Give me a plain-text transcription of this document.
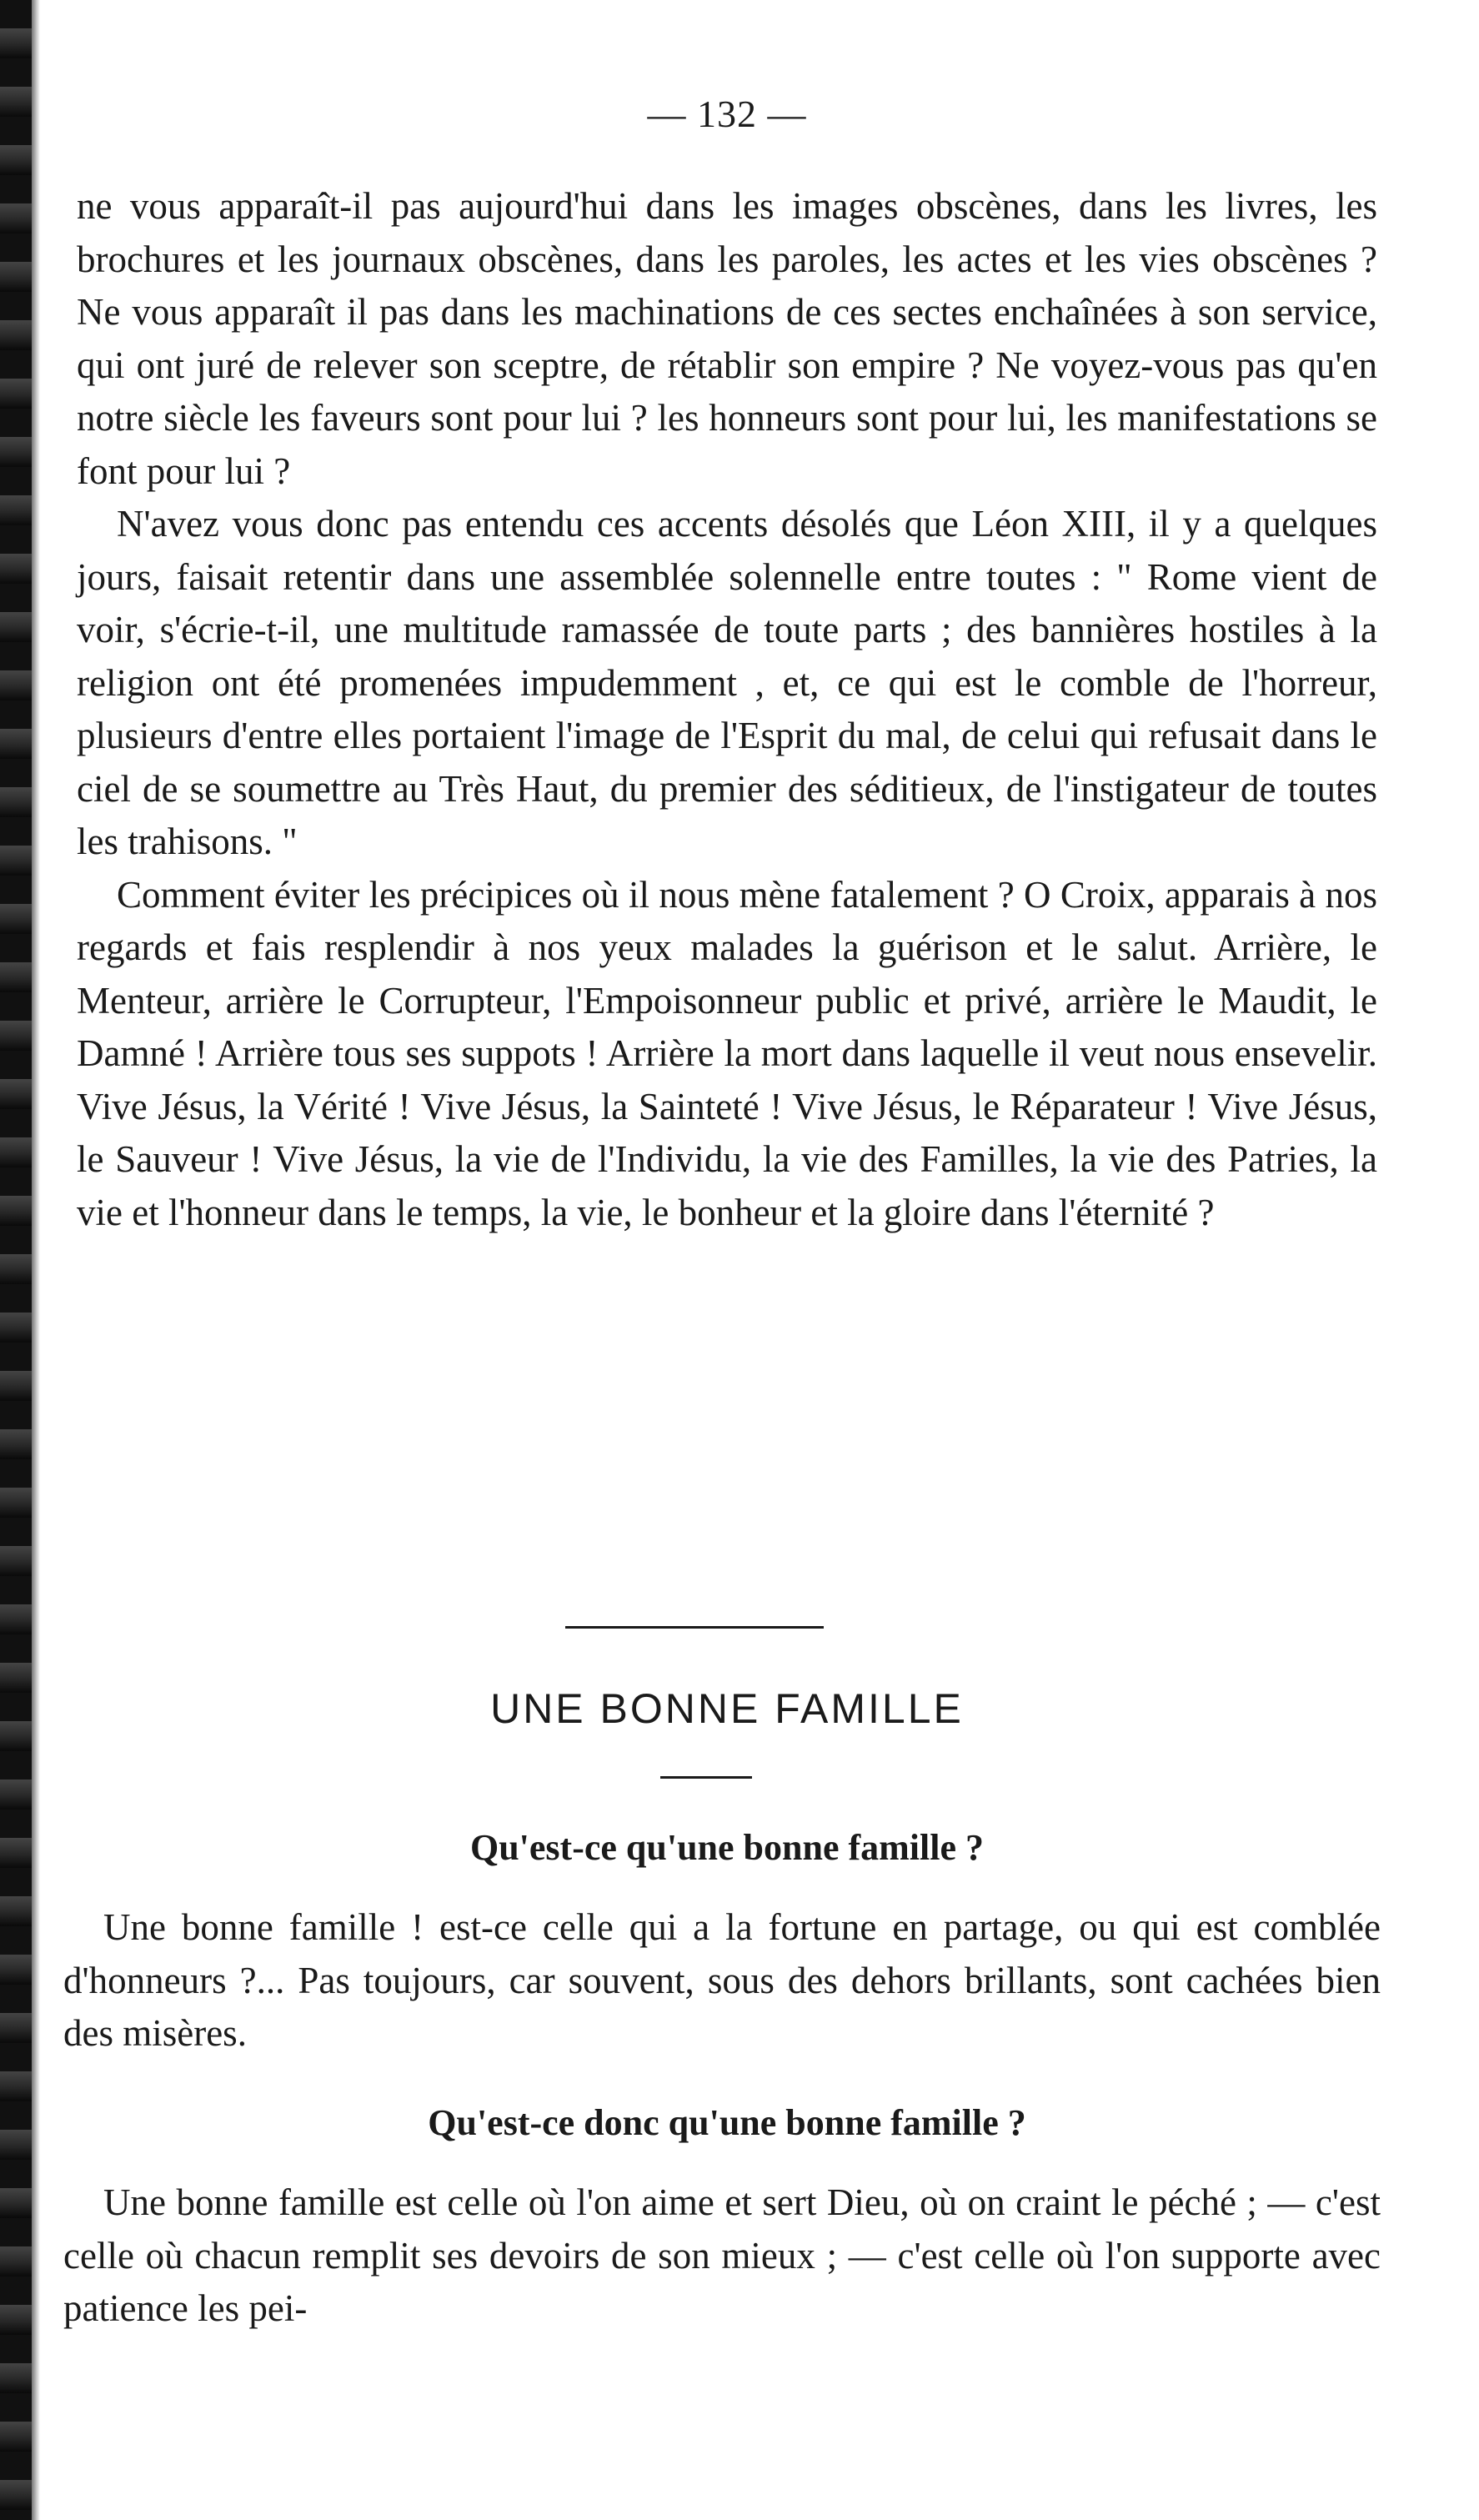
— 132 —

ne vous apparaît-il pas aujourd'hui dans les images obscènes, dans les livres, les brochures et les journaux obscènes, dans les paroles, les actes et les vies obscènes ? Ne vous apparaît il pas dans les machinations de ces sectes enchaînées à son service, qui ont juré de relever son sceptre, de rétablir son empire ? Ne voyez-vous pas qu'en notre siècle les faveurs sont pour lui ? les honneurs sont pour lui, les manifestations se font pour lui ?

N'avez vous donc pas entendu ces accents désolés que Léon XIII, il y a quelques jours, faisait retentir dans une assemblée solennelle entre toutes : " Rome vient de voir, s'écrie-t-il, une multitude ramassée de toute parts ; des bannières hostiles à la religion ont été promenées impudemment , et, ce qui est le comble de l'horreur, plusieurs d'entre elles portaient l'image de l'Esprit du mal, de celui qui refusait dans le ciel de se soumettre au Très Haut, du premier des séditieux, de l'instigateur de toutes les trahisons. "

Comment éviter les précipices où il nous mène fatalement ? O Croix, apparais à nos regards et fais resplendir à nos yeux malades la guérison et le salut. Arrière, le Menteur, arrière le Corrupteur, l'Empoisonneur public et privé, arrière le Maudit, le Damné ! Arrière tous ses suppots ! Arrière la mort dans laquelle il veut nous ensevelir. Vive Jésus, la Vérité ! Vive Jésus, la Sainteté ! Vive Jésus, le Réparateur ! Vive Jésus, le Sauveur ! Vive Jésus, la vie de l'Individu, la vie des Familles, la vie des Patries, la vie et l'honneur dans le temps, la vie, le bonheur et la gloire dans l'éternité ?

UNE BONNE FAMILLE
Qu'est-ce qu'une bonne famille ?

Une bonne famille ! est-ce celle qui a la fortune en partage, ou qui est comblée d'honneurs ?... Pas toujours, car souvent, sous des dehors brillants, sont cachées bien des misères.

Qu'est-ce donc qu'une bonne famille ?

Une bonne famille est celle où l'on aime et sert Dieu, où on craint le péché ; — c'est celle où chacun remplit ses devoirs de son mieux ; — c'est celle où l'on supporte avec patience les pei-
